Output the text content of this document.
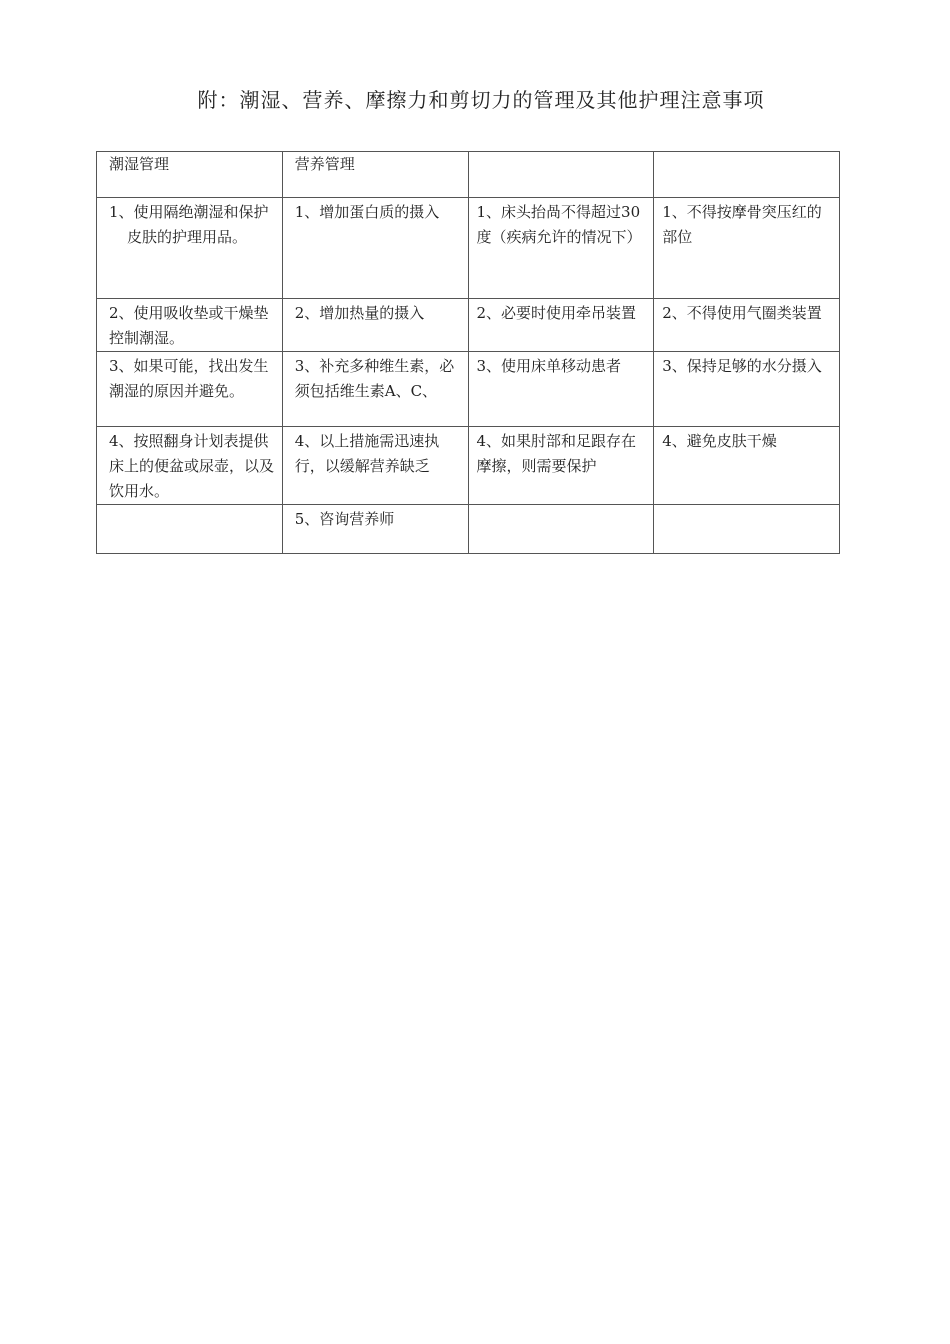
附：潮湿、营养、摩擦力和剪切力的管理及其他护理注意事项
潮湿管理	营养管理		
1、使用隔绝潮湿和保护皮肤的护理用品。	1、增加蛋白质的摄入	1、床头抬咼不得超过30度（疾病允许的情况下）	1、不得按摩骨突压红的部位
2、使用吸收垫或干燥垫控制潮湿。	2、增加热量的摄入	2、必要时使用牵吊装置	2、不得使用气圈类装置
3、如果可能，找出发生潮湿的原因并避免。	3、补充多种维生素，必须包括维生素A、C、	3、使用床单移动患者	3、保持足够的水分摄入
4、按照翻身计划表提供床上的便盆或尿壶，以及饮用水。	4、以上措施需迅速执行，以缓解营养缺乏	4、如果肘部和足跟存在摩擦，则需要保护	4、避免皮肤干燥
	5、咨询营养师		
